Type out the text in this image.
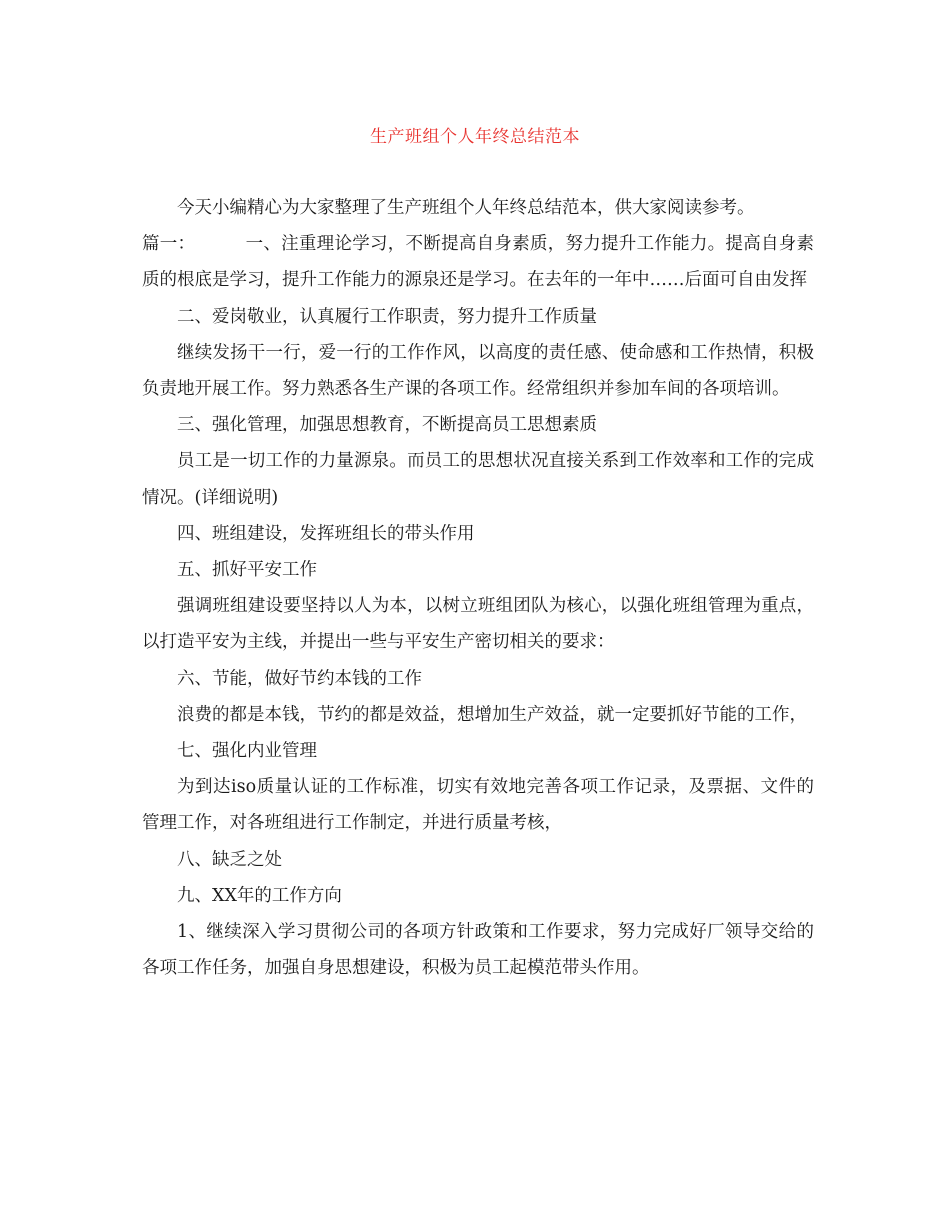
生产班组个人年终总结范本

今天小编精心为大家整理了生产班组个人年终总结范本，供大家阅读参考。

篇一：	一、注重理论学习，不断提高自身素质，努力提升工作能力。提高自身素质的根底是学习，提升工作能力的源泉还是学习。在去年的一年中……后面可自由发挥

二、爱岗敬业，认真履行工作职责，努力提升工作质量

继续发扬干一行，爱一行的工作作风，以高度的责任感、使命感和工作热情，积极负责地开展工作。努力熟悉各生产课的各项工作。经常组织并参加车间的各项培训。

三、强化管理，加强思想教育，不断提高员工思想素质

员工是一切工作的力量源泉。而员工的思想状况直接关系到工作效率和工作的完成情况。(详细说明)

四、班组建设，发挥班组长的带头作用

五、抓好平安工作

强调班组建设要坚持以人为本，以树立班组团队为核心，以强化班组管理为重点，以打造平安为主线，并提出一些与平安生产密切相关的要求：

六、节能，做好节约本钱的工作

浪费的都是本钱，节约的都是效益，想增加生产效益，就一定要抓好节能的工作，

七、强化内业管理

为到达iso质量认证的工作标准，切实有效地完善各项工作记录，及票据、文件的管理工作，对各班组进行工作制定，并进行质量考核，

八、缺乏之处

九、XX年的工作方向

1、继续深入学习贯彻公司的各项方针政策和工作要求，努力完成好厂领导交给的各项工作任务，加强自身思想建设，积极为员工起模范带头作用。
